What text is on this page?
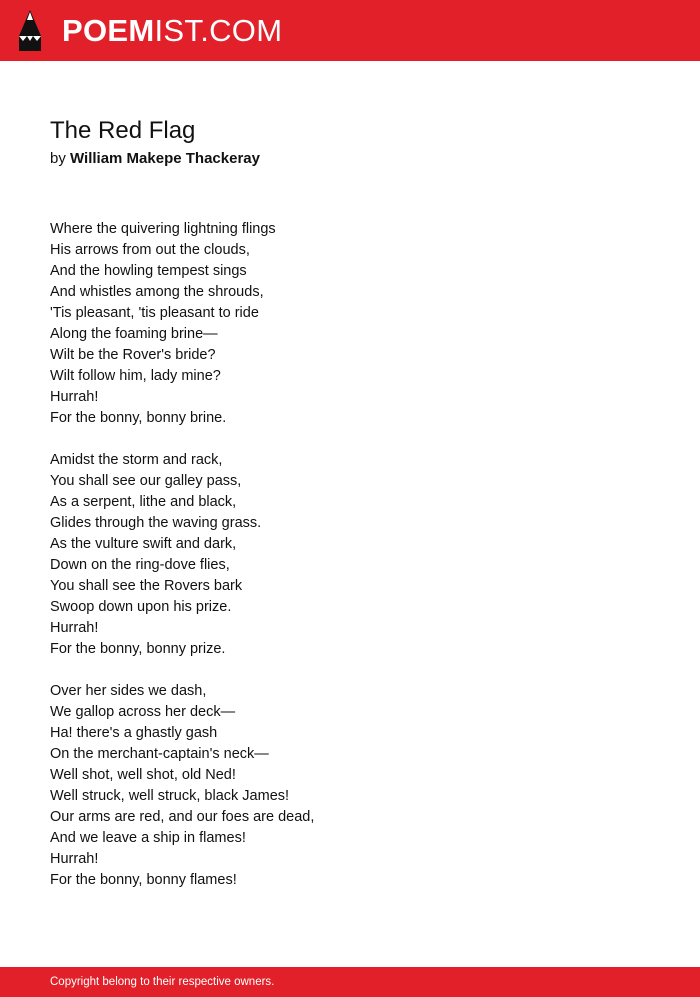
POEMIST.COM
The Red Flag
by William Makepe Thackeray
Where the quivering lightning flings
His arrows from out the clouds,
And the howling tempest sings
And whistles among the shrouds,
'Tis pleasant, 'tis pleasant to ride
Along the foaming brine—
Wilt be the Rover's bride?
Wilt follow him, lady mine?
Hurrah!
For the bonny, bonny brine.
Amidst the storm and rack,
You shall see our galley pass,
As a serpent, lithe and black,
Glides through the waving grass.
As the vulture swift and dark,
Down on the ring-dove flies,
You shall see the Rovers bark
Swoop down upon his prize.
Hurrah!
For the bonny, bonny prize.
Over her sides we dash,
We gallop across her deck—
Ha! there's a ghastly gash
On the merchant-captain's neck—
Well shot, well shot, old Ned!
Well struck, well struck, black James!
Our arms are red, and our foes are dead,
And we leave a ship in flames!
Hurrah!
For the bonny, bonny flames!
Copyright belong to their respective owners.
